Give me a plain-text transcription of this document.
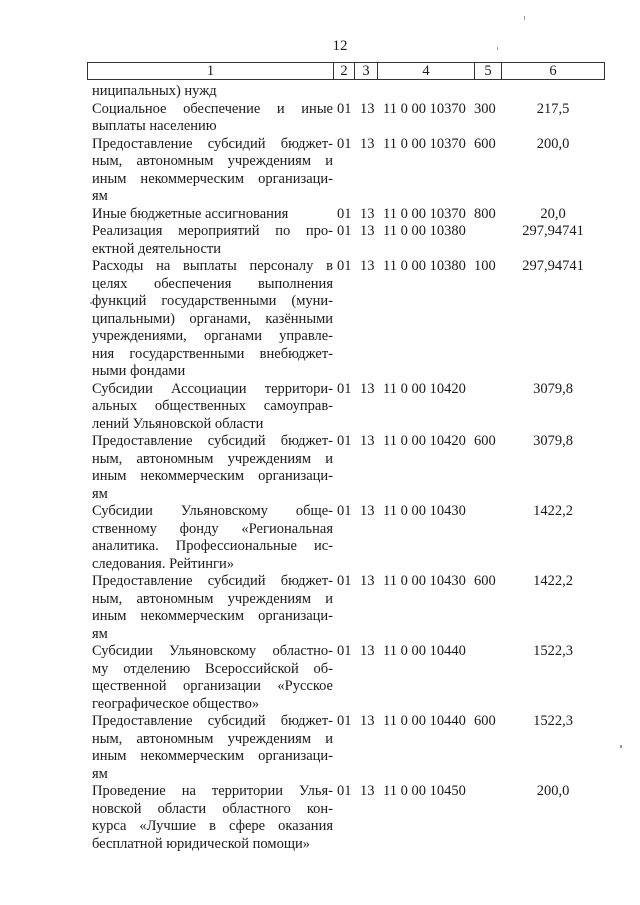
12
1	2	3	4	5	6
ниципальных) нужд
Социальное обеспечение и иные
выплаты населению
01 13 11 0 00 10370 300	217,5
Предоставление субсидий бюджет-
ным, автономным учреждениям и
иным некоммерческим организаци-
ям
01 13 11 0 00 10370 600	200,0
Иные бюджетные ассигнования	01 13 11 0 00 10370 800	20,0
Реализация мероприятий по про-
ектной деятельности
01 13 11 0 00 10380	297,94741
Расходы на выплаты персоналу в
целях обеспечения выполнения
функций государственными (муни-
ципальными) органами, казёнными
учреждениями, органами управле-
ния государственными внебюджет-
ными фондами
01 13 11 0 00 10380 100	297,94741
Субсидии Ассоциации территори-
альных общественных самоуправ-
лений Ульяновской области
01 13 11 0 00 10420	3079,8
Предоставление субсидий бюджет-
ным, автономным учреждениям и
иным некоммерческим организаци-
ям
01 13 11 0 00 10420 600	3079,8
Субсидии Ульяновскому обще-
ственному фонду «Региональная
аналитика. Профессиональные ис-
следования. Рейтинги»
01 13 11 0 00 10430	1422,2
Предоставление субсидий бюджет-
ным, автономным учреждениям и
иным некоммерческим организаци-
ям
01 13 11 0 00 10430 600	1422,2
Субсидии Ульяновскому областно-
му отделению Всероссийской об-
щественной организации «Русское
географическое общество»
01 13 11 0 00 10440	1522,3
Предоставление субсидий бюджет-
ным, автономным учреждениям и
иным некоммерческим организаци-
ям
01 13 11 0 00 10440 600	1522,3
Проведение на территории Улья-
новской области областного кон-
курса «Лучшие в сфере оказания
бесплатной юридической помощи»
01 13 11 0 00 10450	200,0
